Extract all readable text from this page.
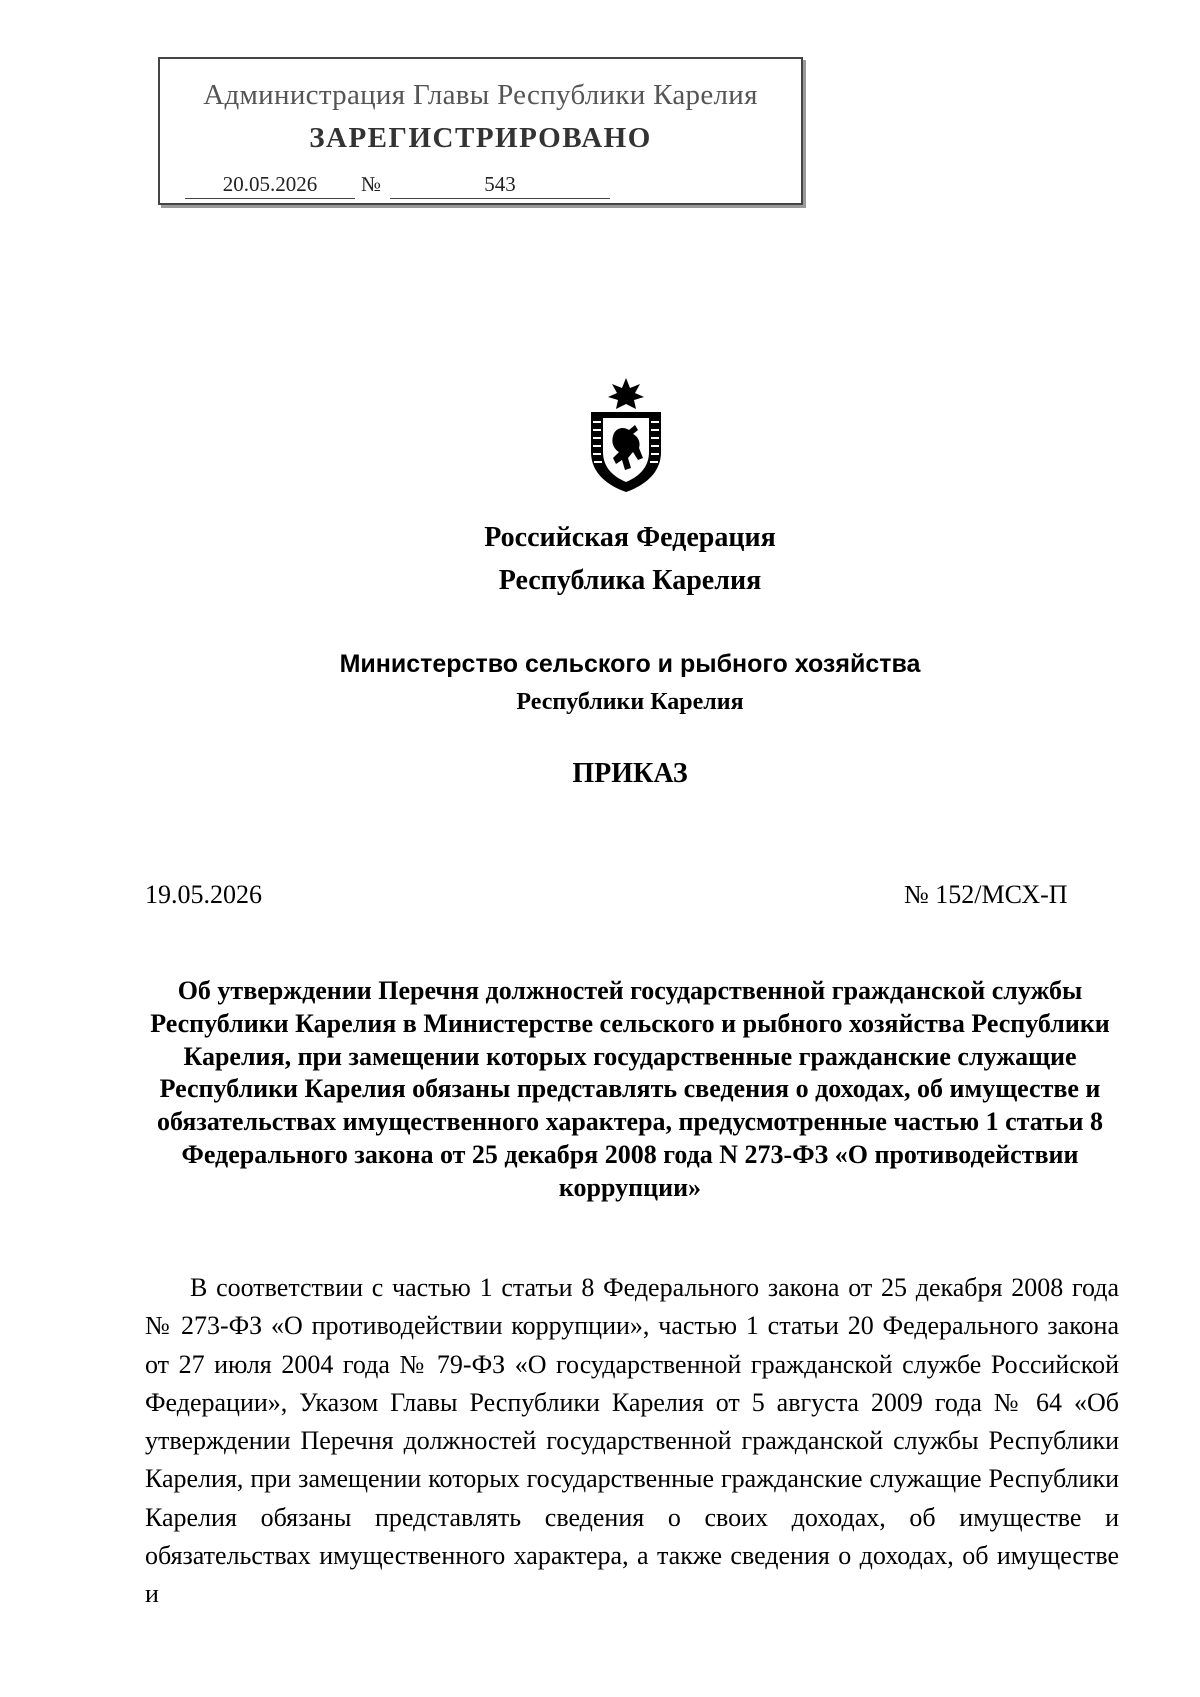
Администрация Главы Республики Карелия
ЗАРЕГИСТРИРОВАНО
20.05.2026	№	543
Российская Федерация
Республика Карелия
Министерство сельского и рыбного хозяйства
Республики Карелия
ПРИКАЗ
19.05.2026	№ 152/МСХ-П
Об утверждении Перечня должностей государственной гражданской службы Республики Карелия в Министерстве сельского и рыбного хозяйства Республики Карелия, при замещении которых государственные гражданские служащие Республики Карелия обязаны представлять сведения о доходах, об имуществе и обязательствах имущественного характера, предусмотренные частью 1 статьи 8 Федерального закона от 25 декабря 2008 года N 273-ФЗ «О противодействии коррупции»
В соответствии с частью 1 статьи 8 Федерального закона от 25 декабря 2008 года № 273-ФЗ «О противодействии коррупции», частью 1 статьи 20 Федерального закона от 27 июля 2004 года № 79-ФЗ «О государственной гражданской службе Российской Федерации», Указом Главы Республики Карелия от 5 августа 2009 года № 64 «Об утверждении Перечня должностей государственной гражданской службы Республики Карелия, при замещении которых государственные гражданские служащие Республики Карелия обязаны представлять сведения о своих доходах, об имуществе и обязательствах имущественного характера, а также сведения о доходах, об имуществе и
